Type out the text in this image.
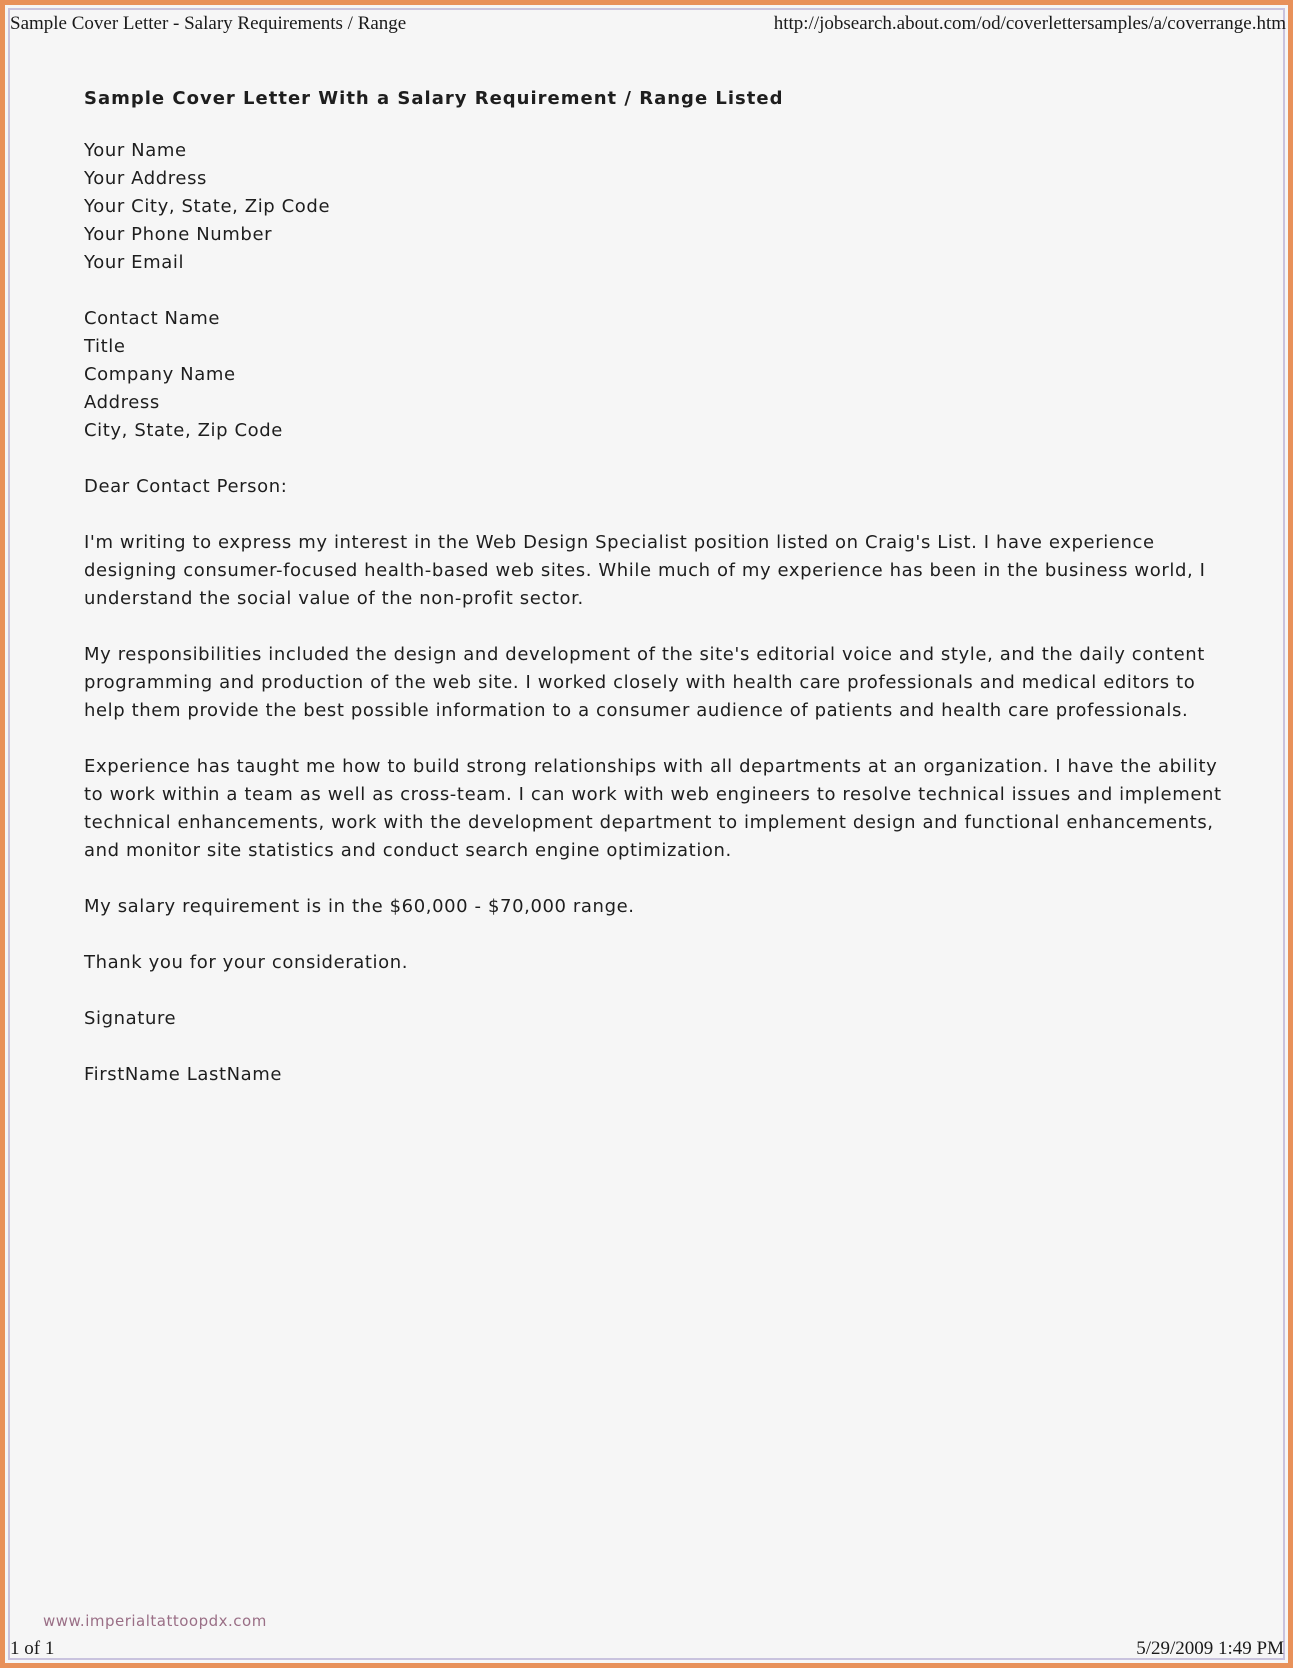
Sample Cover Letter - Salary Requirements / Range	http://jobsearch.about.com/od/coverlettersamples/a/coverrange.htm
Sample Cover Letter With a Salary Requirement / Range Listed
Your Name
Your Address
Your City, State, Zip Code
Your Phone Number
Your Email
Contact Name
Title
Company Name
Address
City, State, Zip Code

Dear Contact Person:

I'm writing to express my interest in the Web Design Specialist position listed on Craig's List. I have experience
designing consumer-focused health-based web sites. While much of my experience has been in the business world, I
understand the social value of the non-profit sector.

My responsibilities included the design and development of the site's editorial voice and style, and the daily content
programming and production of the web site. I worked closely with health care professionals and medical editors to
help them provide the best possible information to a consumer audience of patients and health care professionals.

Experience has taught me how to build strong relationships with all departments at an organization. I have the ability
to work within a team as well as cross-team. I can work with web engineers to resolve technical issues and implement
technical enhancements, work with the development department to implement design and functional enhancements,
and monitor site statistics and conduct search engine optimization.

My salary requirement is in the $60,000 - $70,000 range.

Thank you for your consideration.

Signature

FirstName LastName

www.imperialtattoopdx.com
1 of 1	5/29/2009 1:49 PM
